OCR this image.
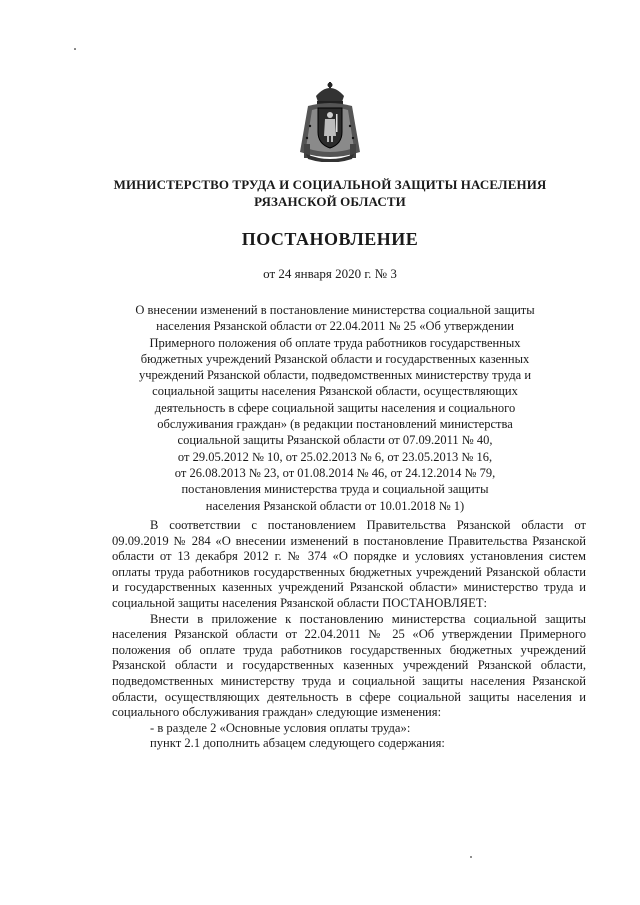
МИНИСТЕРСТВО ТРУДА И СОЦИАЛЬНОЙ ЗАЩИТЫ НАСЕЛЕНИЯ
РЯЗАНСКОЙ ОБЛАСТИ
ПОСТАНОВЛЕНИЕ
от 24 января 2020 г. № 3
О внесении изменений в постановление министерства социальной защиты
населения Рязанской области от 22.04.2011 № 25 «Об утверждении
Примерного положения об оплате труда работников государственных
бюджетных учреждений Рязанской области и государственных казенных
учреждений Рязанской области, подведомственных министерству труда и
социальной защиты населения Рязанской области, осуществляющих
деятельность в сфере социальной защиты населения и социального
обслуживания граждан» (в редакции постановлений министерства
социальной защиты Рязанской области от 07.09.2011 № 40,
от 29.05.2012 № 10, от 25.02.2013 № 6, от 23.05.2013 № 16,
от 26.08.2013 № 23, от 01.08.2014 № 46, от 24.12.2014 № 79,
постановления министерства труда и социальной защиты
населения Рязанской области от 10.01.2018 № 1)

В соответствии с постановлением Правительства Рязанской области от 09.09.2019 № 284 «О внесении изменений в постановление Правительства Рязанской области от 13 декабря 2012 г. № 374 «О порядке и условиях установления систем оплаты труда работников государственных бюджетных учреждений Рязанской области и государственных казенных учреждений Рязанской области» министерство труда и социальной защиты населения Рязанской области ПОСТАНОВЛЯЕТ:

Внести в приложение к постановлению министерства социальной защиты населения Рязанской области от 22.04.2011 № 25 «Об утверждении Примерного положения об оплате труда работников государственных бюджетных учреждений Рязанской области и государственных казенных учреждений Рязанской области, подведомственных министерству труда и социальной защиты населения Рязанской области, осуществляющих деятельность в сфере социальной защиты населения и социального обслуживания граждан» следующие изменения:

- в разделе 2 «Основные условия оплаты труда»:

пункт 2.1 дополнить абзацем следующего содержания:
